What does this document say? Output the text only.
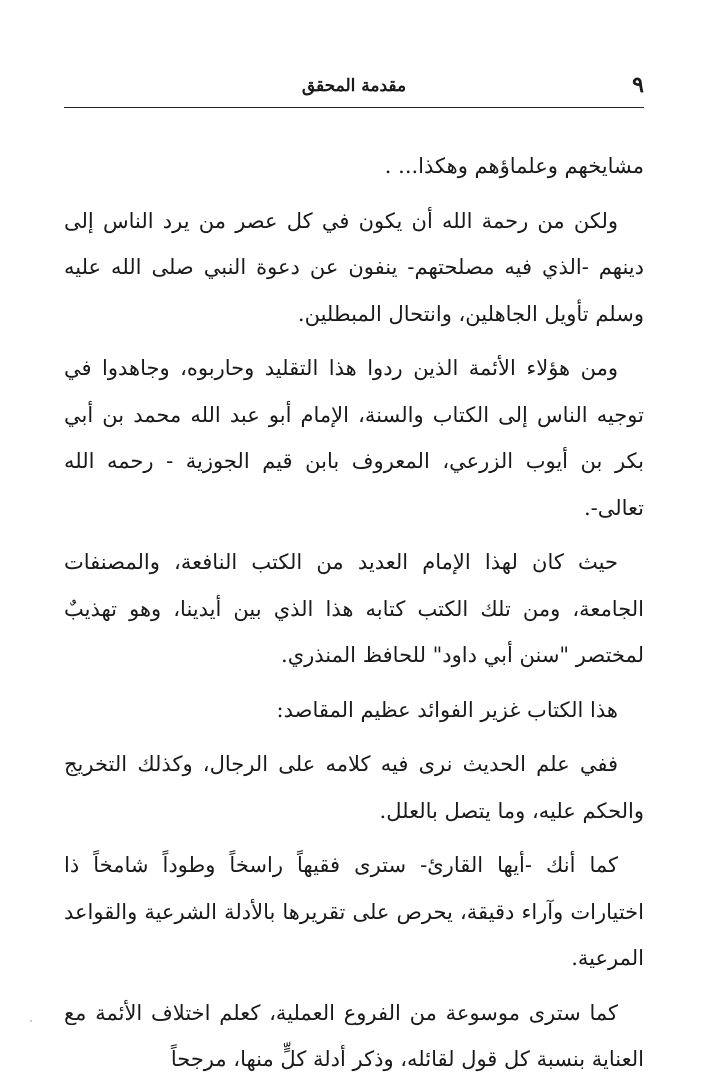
٩
مقدمة المحقق

مشايخهم وعلماؤهم وهكذا... .

ولكن من رحمة الله أن يكون في كل عصر من يرد الناس إلى دينهم -الذي فيه مصلحتهم- ينفون عن دعوة النبي صلى الله عليه وسلم تأويل الجاهلين، وانتحال المبطلين.

ومن هؤلاء الأئمة الذين ردوا هذا التقليد وحاربوه، وجاهدوا في توجيه الناس إلى الكتاب والسنة، الإمام أبو عبد الله محمد بن أبي بكر بن أيوب الزرعي، المعروف بابن قيم الجوزية - رحمه الله تعالى-.

حيث كان لهذا الإمام العديد من الكتب النافعة، والمصنفات الجامعة، ومن تلك الكتب كتابه هذا الذي بين أيدينا، وهو تهذيبٌ لمختصر "سنن أبي داود" للحافظ المنذري.

هذا الكتاب غزير الفوائد عظيم المقاصد:

ففي علم الحديث نرى فيه كلامه على الرجال، وكذلك التخريج والحكم عليه، وما يتصل بالعلل.

كما أنك -أيها القارئ- سترى فقيهاً راسخاً وطوداً شامخاً ذا اختيارات وآراء دقيقة، يحرص على تقريرها بالأدلة الشرعية والقواعد المرعية.

كما سترى موسوعة من الفروع العملية، كعلم اختلاف الأئمة مع العناية بنسبة كل قول لقائله، وذكر أدلة كلٍّ منها، مرجحاً
